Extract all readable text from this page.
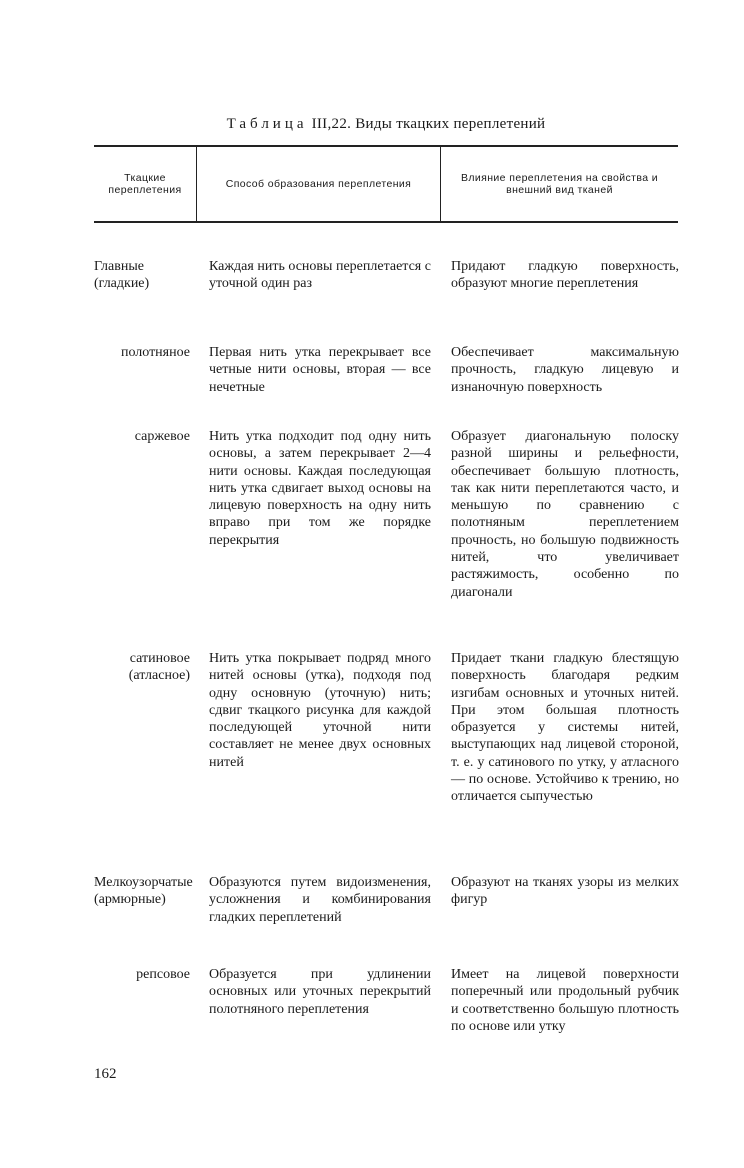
Таблица III,22. Виды ткацких переплетений
Ткацкие переплетения	Способ образования переплетения	Влияние переплетения на свойства и внешний вид тканей
Главные (гладкие)
Каждая нить основы переплетается с уточной один раз
Придают гладкую поверхность, образуют многие переплетения
полотняное Первая нить утка перекрывает все четные нити основы, вторая — все нечетные
Обеспечивает максимальную прочность, гладкую лицевую и изнаночную поверхность
саржевое Нить утка подходит под одну нить основы, а затем перекрывает 2—4 нити основы. Каждая последующая нить утка сдвигает выход основы на лицевую поверхность на одну нить вправо при том же порядке перекрытия
Образует диагональную полоску разной ширины и рельефности, обеспечивает большую плотность, так как нити переплетаются часто, и меньшую по сравнению с полотняным переплетением прочность, но большую подвижность нитей, что увеличивает растяжимость, особенно по диагонали
сатиновое (атласное)
Нить утка покрывает подряд много нитей основы (утка), подходя под одну основную (уточную) нить; сдвиг ткацкого рисунка для каждой последующей уточной нити составляет не менее двух основных нитей
Придает ткани гладкую блестящую поверхность благодаря редким изгибам основных и уточных нитей. При этом большая плотность образуется у системы нитей, выступающих над лицевой стороной, т. е. у сатинового по утку, у атласного — по основе. Устойчиво к трению, но отличается сыпучестью
Мелкоузорчатые (армюрные)
Образуются путем видоизменения, усложнения и комбинирования гладких переплетений
Образуют на тканях узоры из мелких фигур
репсовое Образуется при удлинении основных или уточных перекрытий полотняного переплетения
Имеет на лицевой поверхности поперечный или продольный рубчик и соответственно большую плотность по основе или утку
162
